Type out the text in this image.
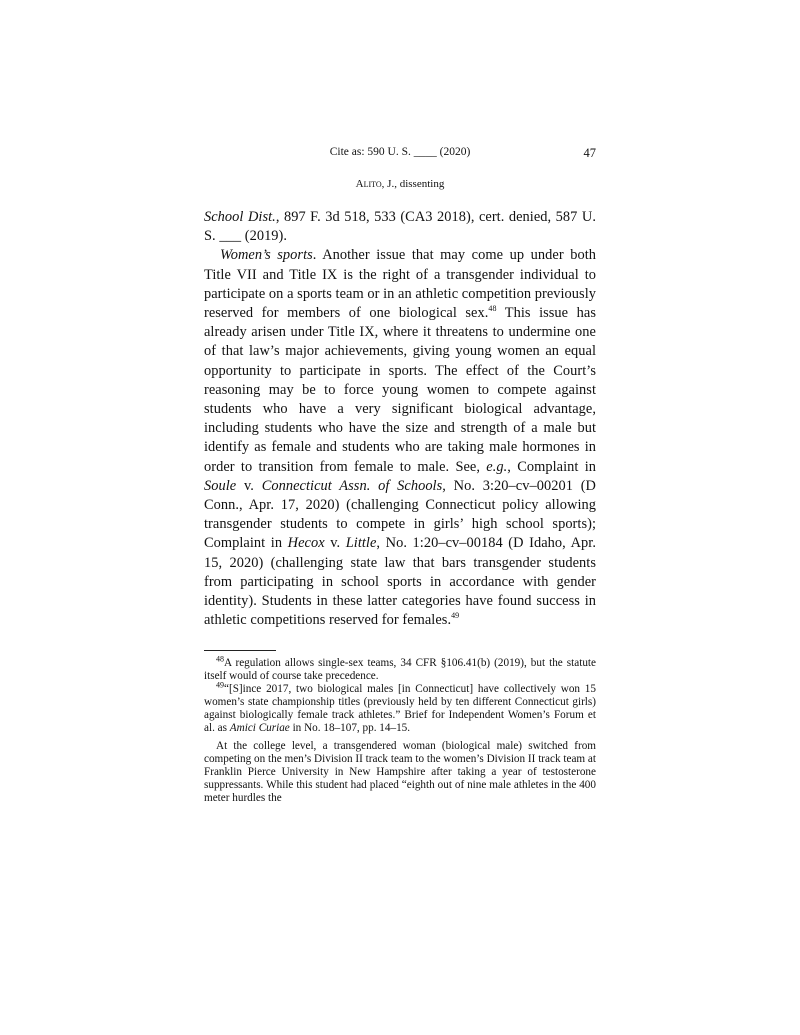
Cite as: 590 U. S. ____ (2020)	47
Alito, J., dissenting

School Dist., 897 F. 3d 518, 533 (CA3 2018), cert. denied, 587 U. S. ___ (2019).

Women’s sports. Another issue that may come up under both Title VII and Title IX is the right of a transgender individual to participate on a sports team or in an athletic competition previously reserved for members of one biological sex.$^{48}$ This issue has already arisen under Title IX, where it threatens to undermine one of that law’s major achievements, giving young women an equal opportunity to participate in sports. The effect of the Court’s reasoning may be to force young women to compete against students who have a very significant biological advantage, including students who have the size and strength of a male but identify as female and students who are taking male hormones in order to transition from female to male. See, e.g., Complaint in Soule v. Connecticut Assn. of Schools, No. 3:20–cv–00201 (D Conn., Apr. 17, 2020) (challenging Connecticut policy allowing transgender students to compete in girls’ high school sports); Complaint in Hecox v. Little, No. 1:20–cv–00184 (D Idaho, Apr. 15, 2020) (challenging state law that bars transgender students from participating in school sports in accordance with gender identity). Students in these latter categories have found success in athletic competitions reserved for females.$^{49}$

$^{48}$A regulation allows single-sex teams, 34 CFR §106.41(b) (2019), but the statute itself would of course take precedence.

$^{49}$“[S]ince 2017, two biological males [in Connecticut] have collectively won 15 women’s state championship titles (previously held by ten different Connecticut girls) against biologically female track athletes.” Brief for Independent Women’s Forum et al. as Amici Curiae in No. 18–107, pp. 14–15.

At the college level, a transgendered woman (biological male) switched from competing on the men’s Division II track team to the women’s Division II track team at Franklin Pierce University in New Hampshire after taking a year of testosterone suppressants. While this student had placed “eighth out of nine male athletes in the 400 meter hurdles the
